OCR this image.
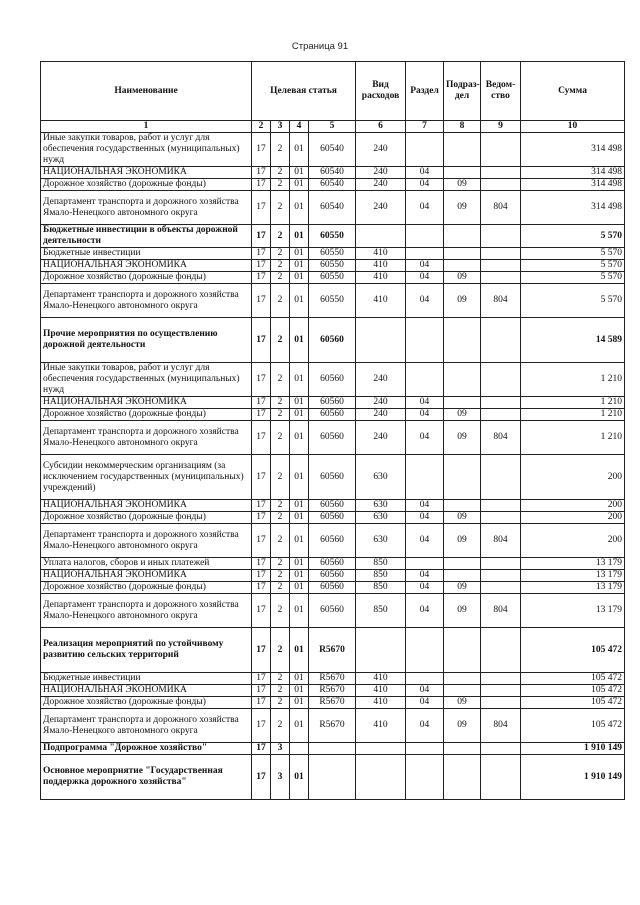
Страница 91
Наименование	Целевая статья				Вид расходов	Раздел	Подраз-дел	Ведом-ство	Сумма
1	2	3	4	5	6	7	8	9	10
Иные закупки товаров, работ и услуг для обеспечения государственных (муниципальных) нужд	17	2	01	60540	240				314 498
НАЦИОНАЛЬНАЯ ЭКОНОМИКА	17	2	01	60540	240	04			314 498
Дорожное хозяйство (дорожные фонды)	17	2	01	60540	240	04	09		314 498
Департамент транспорта и дорожного хозяйства Ямало-Ненецкого автономного округа	17	2	01	60540	240	04	09	804	314 498
Бюджетные инвестиции в объекты дорожной деятельности	17	2	01	60550					5 570
Бюджетные инвестиции	17	2	01	60550	410				5 570
НАЦИОНАЛЬНАЯ ЭКОНОМИКА	17	2	01	60550	410	04			5 570
Дорожное хозяйство (дорожные фонды)	17	2	01	60550	410	04	09		5 570
Департамент транспорта и дорожного хозяйства Ямало-Ненецкого автономного округа	17	2	01	60550	410	04	09	804	5 570
Прочие мероприятия по осуществлению дорожной деятельности	17	2	01	60560					14 589
Иные закупки товаров, работ и услуг для обеспечения государственных (муниципальных) нужд	17	2	01	60560	240				1 210
НАЦИОНАЛЬНАЯ ЭКОНОМИКА	17	2	01	60560	240	04			1 210
Дорожное хозяйство (дорожные фонды)	17	2	01	60560	240	04	09		1 210
Департамент транспорта и дорожного хозяйства Ямало-Ненецкого автономного округа	17	2	01	60560	240	04	09	804	1 210
Субсидии некоммерческим организациям (за исключением государственных (муниципальных) учреждений)	17	2	01	60560	630				200
НАЦИОНАЛЬНАЯ ЭКОНОМИКА	17	2	01	60560	630	04			200
Дорожное хозяйство (дорожные фонды)	17	2	01	60560	630	04	09		200
Департамент транспорта и дорожного хозяйства Ямало-Ненецкого автономного округа	17	2	01	60560	630	04	09	804	200
Уплата налогов, сборов и иных платежей	17	2	01	60560	850				13 179
НАЦИОНАЛЬНАЯ ЭКОНОМИКА	17	2	01	60560	850	04			13 179
Дорожное хозяйство (дорожные фонды)	17	2	01	60560	850	04	09		13 179
Департамент транспорта и дорожного хозяйства Ямало-Ненецкого автономного округа	17	2	01	60560	850	04	09	804	13 179
Реализация мероприятий по устойчивому развитию сельских территорий	17	2	01	R5670					105 472
Бюджетные инвестиции	17	2	01	R5670	410				105 472
НАЦИОНАЛЬНАЯ ЭКОНОМИКА	17	2	01	R5670	410	04			105 472
Дорожное хозяйство (дорожные фонды)	17	2	01	R5670	410	04	09		105 472
Департамент транспорта и дорожного хозяйства Ямало-Ненецкого автономного округа	17	2	01	R5670	410	04	09	804	105 472
Подпрограмма "Дорожное хозяйство"	17	3							1 910 149
Основное мероприятие "Государственная поддержка дорожного хозяйства"	17	3	01						1 910 149
